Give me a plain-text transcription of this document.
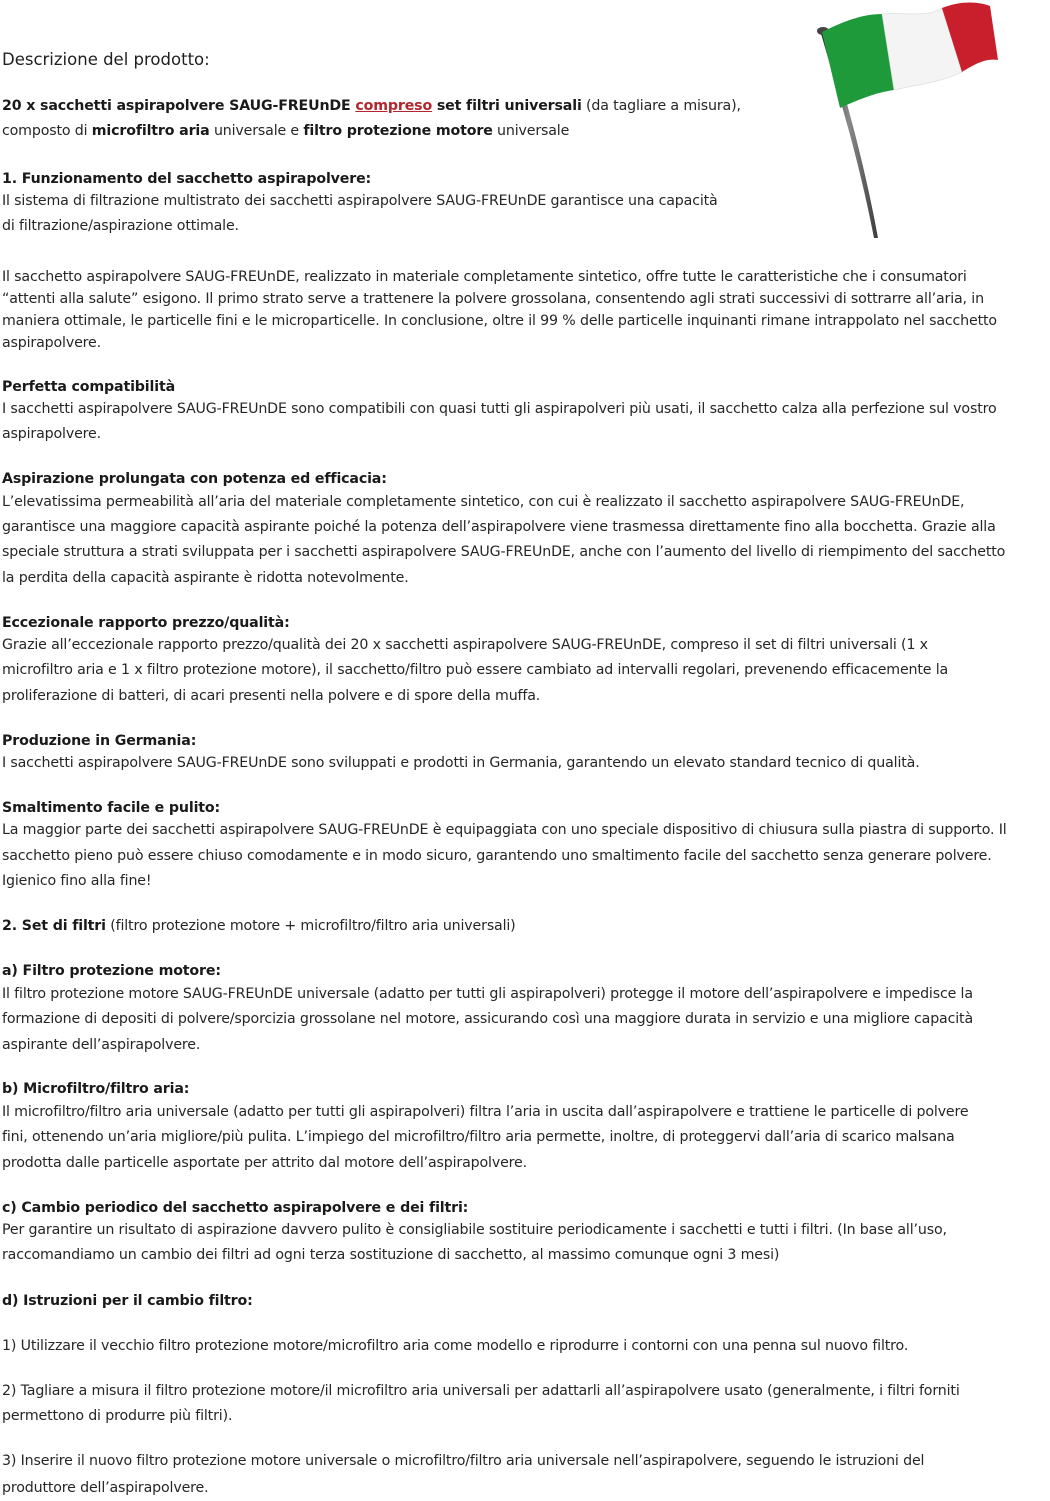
Descrizione del prodotto:
20 x sacchetti aspirapolvere SAUG-FREUnDE compreso set filtri universali (da tagliare a misura),
composto di microfiltro aria universale e filtro protezione motore universale
1. Funzionamento del sacchetto aspirapolvere:
Il sistema di filtrazione multistrato dei sacchetti aspirapolvere SAUG-FREUnDE garantisce una capacità
di filtrazione/aspirazione ottimale.
Il sacchetto aspirapolvere SAUG-FREUnDE, realizzato in materiale completamente sintetico, offre tutte le caratteristiche che i consumatori
“attenti alla salute” esigono. Il primo strato serve a trattenere la polvere grossolana, consentendo agli strati successivi di sottrarre all’aria, in
maniera ottimale, le particelle fini e le microparticelle. In conclusione, oltre il 99 % delle particelle inquinanti rimane intrappolato nel sacchetto
aspirapolvere.
Perfetta compatibilità
I sacchetti aspirapolvere SAUG-FREUnDE sono compatibili con quasi tutti gli aspirapolveri più usati, il sacchetto calza alla perfezione sul vostro
aspirapolvere.
Aspirazione prolungata con potenza ed efficacia:
L’elevatissima permeabilità all’aria del materiale completamente sintetico, con cui è realizzato il sacchetto aspirapolvere SAUG-FREUnDE,
garantisce una maggiore capacità aspirante poiché la potenza dell’aspirapolvere viene trasmessa direttamente fino alla bocchetta. Grazie alla
speciale struttura a strati sviluppata per i sacchetti aspirapolvere SAUG-FREUnDE, anche con l’aumento del livello di riempimento del sacchetto
la perdita della capacità aspirante è ridotta notevolmente.
Eccezionale rapporto prezzo/qualità:
Grazie all’eccezionale rapporto prezzo/qualità dei 20 x sacchetti aspirapolvere SAUG-FREUnDE, compreso il set di filtri universali (1 x
microfiltro aria e 1 x filtro protezione motore), il sacchetto/filtro può essere cambiato ad intervalli regolari, prevenendo efficacemente la
proliferazione di batteri, di acari presenti nella polvere e di spore della muffa.
Produzione in Germania:
I sacchetti aspirapolvere SAUG-FREUnDE sono sviluppati e prodotti in Germania, garantendo un elevato standard tecnico di qualità.
Smaltimento facile e pulito:
La maggior parte dei sacchetti aspirapolvere SAUG-FREUnDE è equipaggiata con uno speciale dispositivo di chiusura sulla piastra di supporto. Il
sacchetto pieno può essere chiuso comodamente e in modo sicuro, garantendo uno smaltimento facile del sacchetto senza generare polvere.
Igienico fino alla fine!
2. Set di filtri (filtro protezione motore + microfiltro/filtro aria universali)
a) Filtro protezione motore:
Il filtro protezione motore SAUG-FREUnDE universale (adatto per tutti gli aspirapolveri) protegge il motore dell’aspirapolvere e impedisce la
formazione di depositi di polvere/sporcizia grossolane nel motore, assicurando così una maggiore durata in servizio e una migliore capacità
aspirante dell’aspirapolvere.
b) Microfiltro/filtro aria:
Il microfiltro/filtro aria universale (adatto per tutti gli aspirapolveri) filtra l’aria in uscita dall’aspirapolvere e trattiene le particelle di polvere
fini, ottenendo un’aria migliore/più pulita. L’impiego del microfiltro/filtro aria permette, inoltre, di proteggervi dall’aria di scarico malsana
prodotta dalle particelle asportate per attrito dal motore dell’aspirapolvere.
c) Cambio periodico del sacchetto aspirapolvere e dei filtri:
Per garantire un risultato di aspirazione davvero pulito è consigliabile sostituire periodicamente i sacchetti e tutti i filtri. (In base all’uso,
raccomandiamo un cambio dei filtri ad ogni terza sostituzione di sacchetto, al massimo comunque ogni 3 mesi)
d) Istruzioni per il cambio filtro:
1) Utilizzare il vecchio filtro protezione motore/microfiltro aria come modello e riprodurre i contorni con una penna sul nuovo filtro.
2) Tagliare a misura il filtro protezione motore/il microfiltro aria universali per adattarli all’aspirapolvere usato (generalmente, i filtri forniti
permettono di produrre più filtri).
3) Inserire il nuovo filtro protezione motore universale o microfiltro/filtro aria universale nell’aspirapolvere, seguendo le istruzioni del
produttore dell’aspirapolvere.
